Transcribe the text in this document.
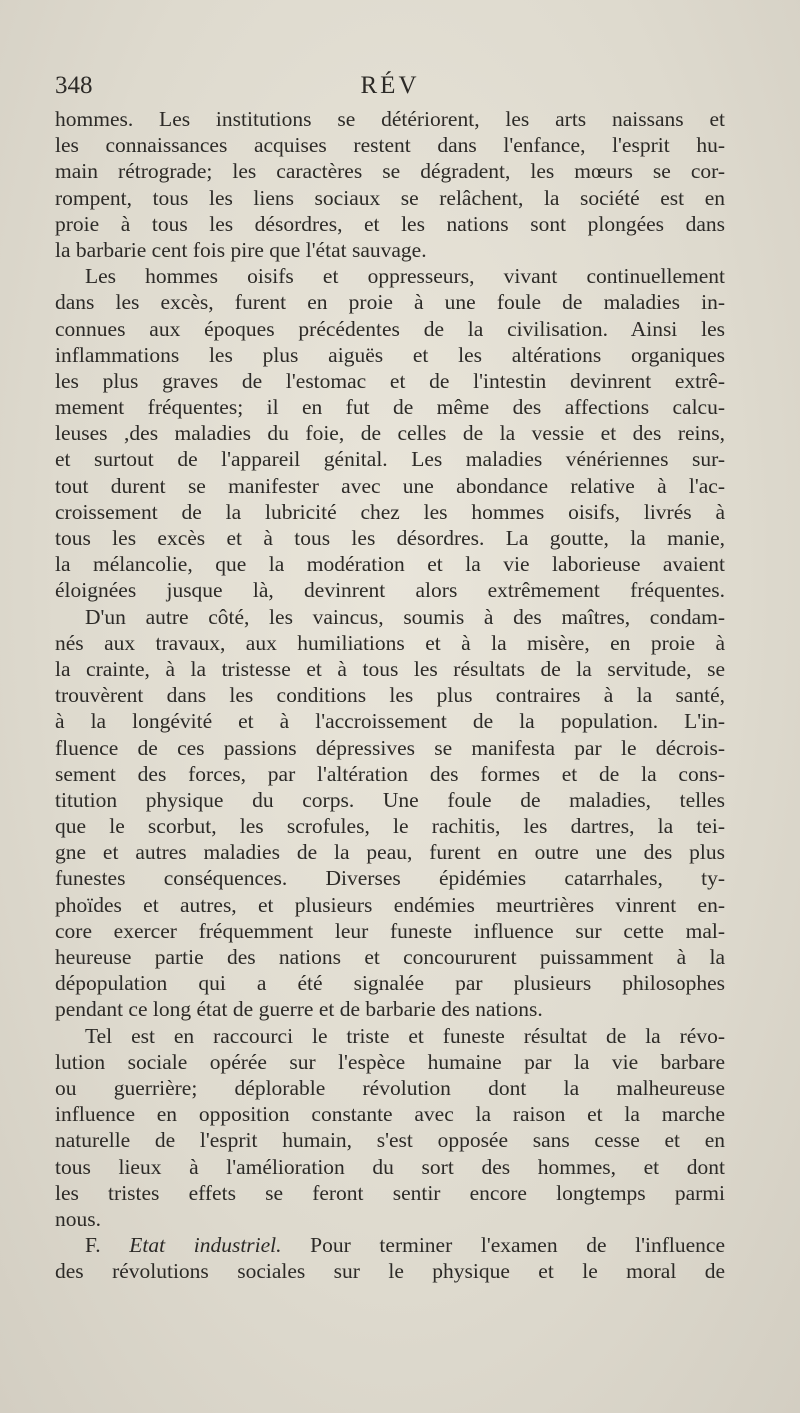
348	RÉV
hommes. Les institutions se détériorent, les arts naissans et
les connaissances acquises restent dans l'enfance, l'esprit hu-
main rétrograde; les caractères se dégradent, les mœurs se cor-
rompent, tous les liens sociaux se relâchent, la société est en
proie à tous les désordres, et les nations sont plongées dans
la barbarie cent fois pire que l'état sauvage.
Les hommes oisifs et oppresseurs, vivant continuellement
dans les excès, furent en proie à une foule de maladies in-
connues aux époques précédentes de la civilisation. Ainsi les
inflammations les plus aiguës et les altérations organiques
les plus graves de l'estomac et de l'intestin devinrent extrê-
mement fréquentes; il en fut de même des affections calcu-
leuses ,des maladies du foie, de celles de la vessie et des reins,
et surtout de l'appareil génital. Les maladies vénériennes sur-
tout durent se manifester avec une abondance relative à l'ac-
croissement de la lubricité chez les hommes oisifs, livrés à
tous les excès et à tous les désordres. La goutte, la manie,
la mélancolie, que la modération et la vie laborieuse avaient
éloignées jusque là, devinrent alors extrêmement fréquentes.
D'un autre côté, les vaincus, soumis à des maîtres, condam-
nés aux travaux, aux humiliations et à la misère, en proie à
la crainte, à la tristesse et à tous les résultats de la servitude, se
trouvèrent dans les conditions les plus contraires à la santé,
à la longévité et à l'accroissement de la population. L'in-
fluence de ces passions dépressives se manifesta par le décrois-
sement des forces, par l'altération des formes et de la cons-
titution physique du corps. Une foule de maladies, telles
que le scorbut, les scrofules, le rachitis, les dartres, la tei-
gne et autres maladies de la peau, furent en outre une des plus
funestes conséquences. Diverses épidémies catarrhales, ty-
phoïdes et autres, et plusieurs endémies meurtrières vinrent en-
core exercer fréquemment leur funeste influence sur cette mal-
heureuse partie des nations et concoururent puissamment à la
dépopulation qui a été signalée par plusieurs philosophes
pendant ce long état de guerre et de barbarie des nations.
Tel est en raccourci le triste et funeste résultat de la révo-
lution sociale opérée sur l'espèce humaine par la vie barbare
ou guerrière; déplorable révolution dont la malheureuse
influence en opposition constante avec la raison et la marche
naturelle de l'esprit humain, s'est opposée sans cesse et en
tous lieux à l'amélioration du sort des hommes, et dont
les tristes effets se feront sentir encore longtemps parmi
nous.
F. Etat industriel. Pour terminer l'examen de l'influence
des révolutions sociales sur le physique et le moral de
